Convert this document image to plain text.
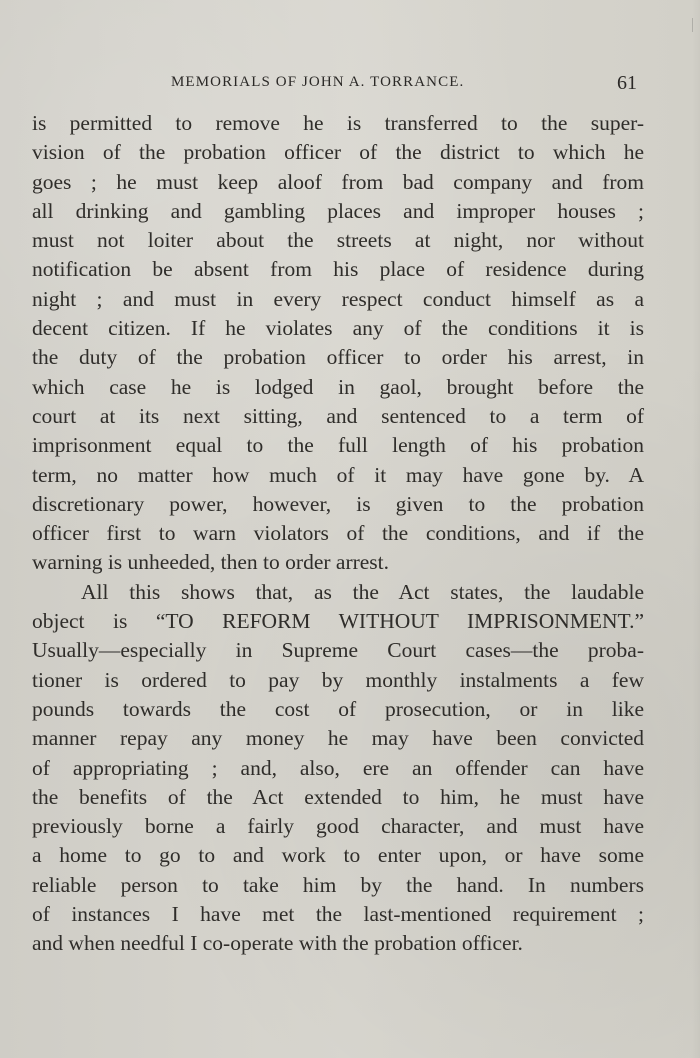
MEMORIALS OF JOHN A. TORRANCE.	61
is permitted to remove he is transferred to the super-
vision of the probation officer of the district to which he
goes ; he must keep aloof from bad company and from
all drinking and gambling places and improper houses ;
must not loiter about the streets at night, nor without
notification be absent from his place of residence during
night ; and must in every respect conduct himself as a
decent citizen. If he violates any of the conditions it is
the duty of the probation officer to order his arrest, in
which case he is lodged in gaol, brought before the
court at its next sitting, and sentenced to a term of
imprisonment equal to the full length of his probation
term, no matter how much of it may have gone by. A
discretionary power, however, is given to the probation
officer first to warn violators of the conditions, and if the
warning is unheeded, then to order arrest.
All this shows that, as the Act states, the laudable
object is “TO REFORM WITHOUT IMPRISONMENT.”
Usually—especially in Supreme Court cases—the proba-
tioner is ordered to pay by monthly instalments a few
pounds towards the cost of prosecution, or in like
manner repay any money he may have been convicted
of appropriating ; and, also, ere an offender can have
the benefits of the Act extended to him, he must have
previously borne a fairly good character, and must have
a home to go to and work to enter upon, or have some
reliable person to take him by the hand. In numbers
of instances I have met the last-mentioned requirement ;
and when needful I co-operate with the probation officer.
